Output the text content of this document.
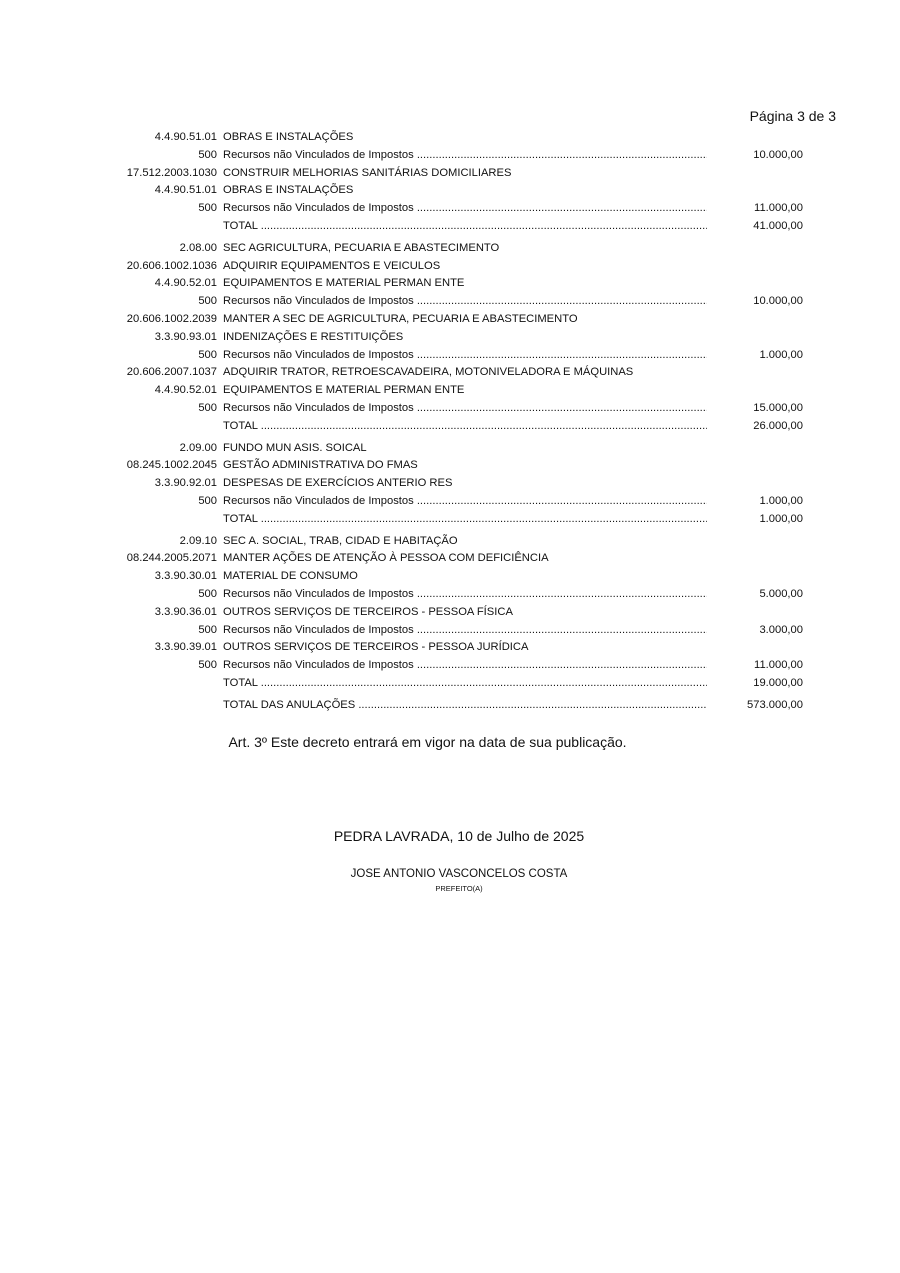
Página 3 de 3
4.4.90.51.01 OBRAS E INSTALAÇÕES
500 Recursos não Vinculados de Impostos .....	10.000,00
17.512.2003.1030 CONSTRUIR MELHORIAS SANITÁRIAS DOMICILIARES
4.4.90.51.01 OBRAS E INSTALAÇÕES
500 Recursos não Vinculados de Impostos .....	11.000,00
TOTAL .....	41.000,00
2.08.00 SEC AGRICULTURA, PECUARIA E ABASTECIMENTO
20.606.1002.1036 ADQUIRIR EQUIPAMENTOS E VEICULOS
4.4.90.52.01 EQUIPAMENTOS E MATERIAL PERMAN ENTE
500 Recursos não Vinculados de Impostos .....	10.000,00
20.606.1002.2039 MANTER A SEC DE AGRICULTURA, PECUARIA E ABASTECIMENTO
3.3.90.93.01 INDENIZAÇÕES E RESTITUIÇÕES
500 Recursos não Vinculados de Impostos .....	1.000,00
20.606.2007.1037 ADQUIRIR TRATOR, RETROESCAVADEIRA, MOTONIVELADORA E MÁQUINAS
4.4.90.52.01 EQUIPAMENTOS E MATERIAL PERMAN ENTE
500 Recursos não Vinculados de Impostos .....	15.000,00
TOTAL .....	26.000,00
2.09.00 FUNDO MUN ASIS. SOICAL
08.245.1002.2045 GESTÃO ADMINISTRATIVA DO FMAS
3.3.90.92.01 DESPESAS DE EXERCÍCIOS ANTERIO RES
500 Recursos não Vinculados de Impostos .....	1.000,00
TOTAL .....	1.000,00
2.09.10 SEC A. SOCIAL, TRAB, CIDAD E HABITAÇÃO
08.244.2005.2071 MANTER AÇÕES DE ATENÇÃO À PESSOA COM DEFICIÊNCIA
3.3.90.30.01 MATERIAL DE CONSUMO
500 Recursos não Vinculados de Impostos .....	5.000,00
3.3.90.36.01 OUTROS SERVIÇOS DE TERCEIROS - PESSOA FÍSICA
500 Recursos não Vinculados de Impostos .....	3.000,00
3.3.90.39.01 OUTROS SERVIÇOS DE TERCEIROS - PESSOA JURÍDICA
500 Recursos não Vinculados de Impostos .....	11.000,00
TOTAL .....	19.000,00
TOTAL DAS ANULAÇÕES .....	573.000,00
Art. 3º Este decreto entrará em vigor na data de sua publicação.
PEDRA LAVRADA, 10 de Julho de 2025
JOSE ANTONIO VASCONCELOS COSTA
PREFEITO(A)
